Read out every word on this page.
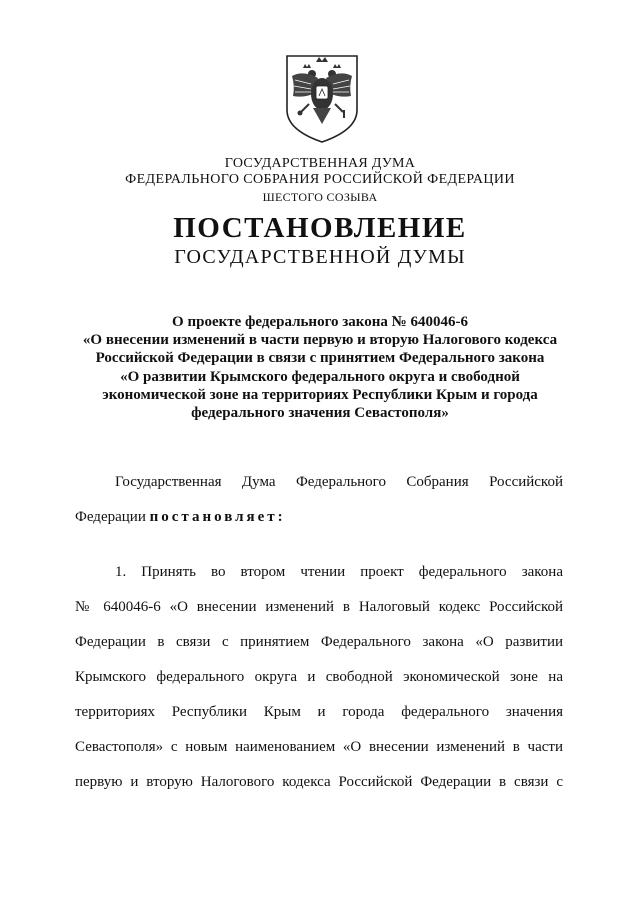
ГОСУДАРСТВЕННАЯ ДУМА
ФЕДЕРАЛЬНОГО СОБРАНИЯ РОССИЙСКОЙ ФЕДЕРАЦИИ
ШЕСТОГО СОЗЫВА
ПОСТАНОВЛЕНИЕ
ГОСУДАРСТВЕННОЙ ДУМЫ
О проекте федерального закона № 640046-6
«О внесении изменений в части первую и вторую Налогового кодекса
Российской Федерации в связи с принятием Федерального закона
«О развитии Крымского федерального округа и свободной
экономической зоне на территориях Республики Крым и города
федерального значения Севастополя»
Государственная Дума Федерального Собрания Российской
Федерации постановляет:
1. Принять во втором чтении проект федерального закона
№ 640046-6 «О внесении изменений в Налоговый кодекс Российской
Федерации в связи с принятием Федерального закона «О развитии
Крымского федерального округа и свободной экономической зоне на
территориях Республики Крым и города федерального значения
Севастополя» с новым наименованием «О внесении изменений в части
первую и вторую Налогового кодекса Российской Федерации в связи с
